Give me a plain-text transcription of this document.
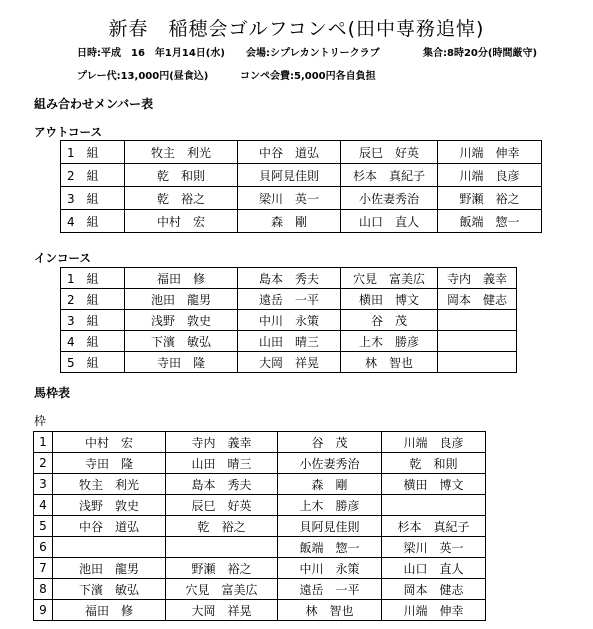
新春　稲穂会ゴルフコンペ(田中専務追悼)
日時:平成　16　年1月14日(水) 会場:シプレカントリークラブ	集合:8時20分(時間厳守)
プレー代:13,000円(昼食込)	コンペ会費:5,000円各自負担
組み合わせメンバー表
アウトコース
1　組	牧主　利光	中谷　道弘	辰巳　好英	川端　伸幸
2　組	乾　和則	貝阿見佳則	杉本　真紀子	川端　良彦
3　組	乾　裕之	梁川　英一	小佐妻秀治	野瀬　裕之
4　組	中村　宏	森　剛	山口　直人	飯端　惣一
インコース
1　組	福田　修	島本　秀夫	穴見　富美広	寺内　義幸
2　組	池田　龍男	遠岳　一平	横田　博文	岡本　健志
3　組	浅野　敦史	中川　永策	谷　茂	
4　組	下濱　敏弘	山田　晴三	上木　勝彦	
5　組	寺田　隆	大岡　祥晃	林　智也	
馬枠表
枠
1	中村　宏	寺内　義幸	谷　茂	川端　良彦
2	寺田　隆	山田　晴三	小佐妻秀治	乾　和則
3	牧主　利光	島本　秀夫	森　剛	横田　博文
4	浅野　敦史	辰巳　好英	上木　勝彦	
5	中谷　道弘	乾　裕之	貝阿見佳則	杉本　真紀子
6			飯端　惣一	梁川　英一
7	池田　龍男	野瀬　裕之	中川　永策	山口　直人
8	下濱　敏弘	穴見　富美広	遠岳　一平	岡本　健志
9	福田　修	大岡　祥晃	林　智也	川端　伸幸
